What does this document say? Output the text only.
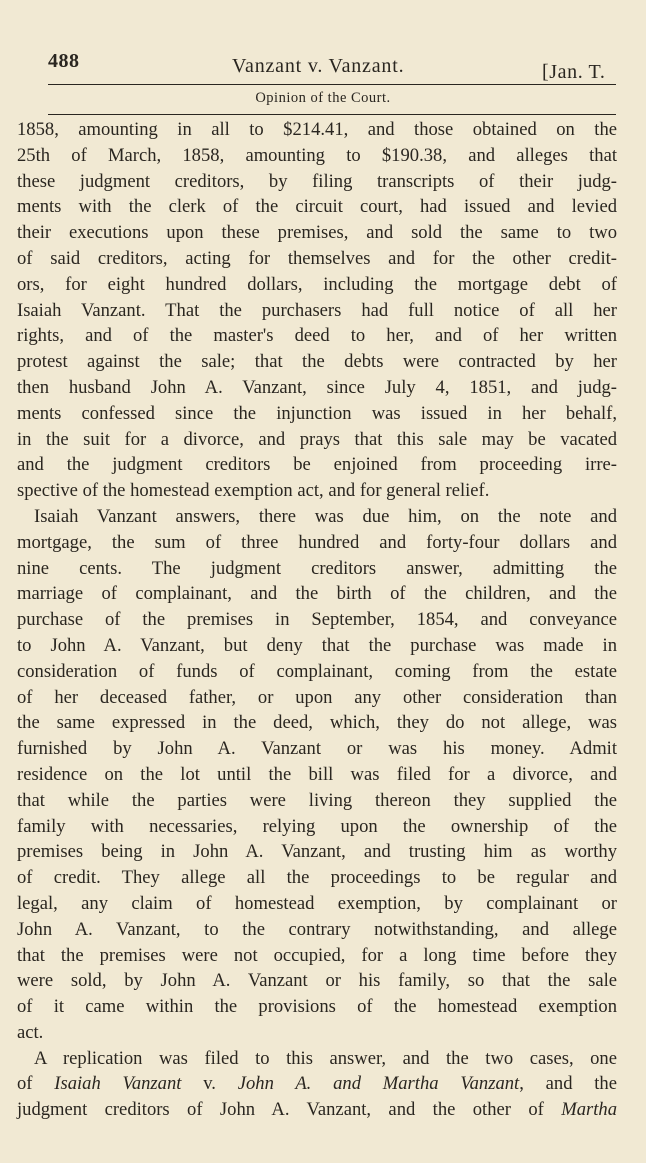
488	Vanzant v. Vanzant.	[Jan. T.
Opinion of the Court.
1858, amounting in all to $214.41, and those obtained on the
25th of March, 1858, amounting to $190.38, and alleges that
these judgment creditors, by filing transcripts of their judg-
ments with the clerk of the circuit court, had issued and levied
their executions upon these premises, and sold the same to two
of said creditors, acting for themselves and for the other credit-
ors, for eight hundred dollars, including the mortgage debt of
Isaiah Vanzant. That the purchasers had full notice of all her
rights, and of the master's deed to her, and of her written
protest against the sale; that the debts were contracted by her
then husband John A. Vanzant, since July 4, 1851, and judg-
ments confessed since the injunction was issued in her behalf,
in the suit for a divorce, and prays that this sale may be vacated
and the judgment creditors be enjoined from proceeding irre-
spective of the homestead exemption act, and for general relief.
Isaiah Vanzant answers, there was due him, on the note and
mortgage, the sum of three hundred and forty-four dollars and
nine cents. The judgment creditors answer, admitting the
marriage of complainant, and the birth of the children, and the
purchase of the premises in September, 1854, and conveyance
to John A. Vanzant, but deny that the purchase was made in
consideration of funds of complainant, coming from the estate
of her deceased father, or upon any other consideration than
the same expressed in the deed, which, they do not allege, was
furnished by John A. Vanzant or was his money. Admit
residence on the lot until the bill was filed for a divorce, and
that while the parties were living thereon they supplied the
family with necessaries, relying upon the ownership of the
premises being in John A. Vanzant, and trusting him as worthy
of credit. They allege all the proceedings to be regular and
legal, any claim of homestead exemption, by complainant or
John A. Vanzant, to the contrary notwithstanding, and allege
that the premises were not occupied, for a long time before they
were sold, by John A. Vanzant or his family, so that the sale
of it came within the provisions of the homestead exemption
act.
A replication was filed to this answer, and the two cases, one
of Isaiah Vanzant v. John A. and Martha Vanzant, and the
judgment creditors of John A. Vanzant, and the other of Martha
